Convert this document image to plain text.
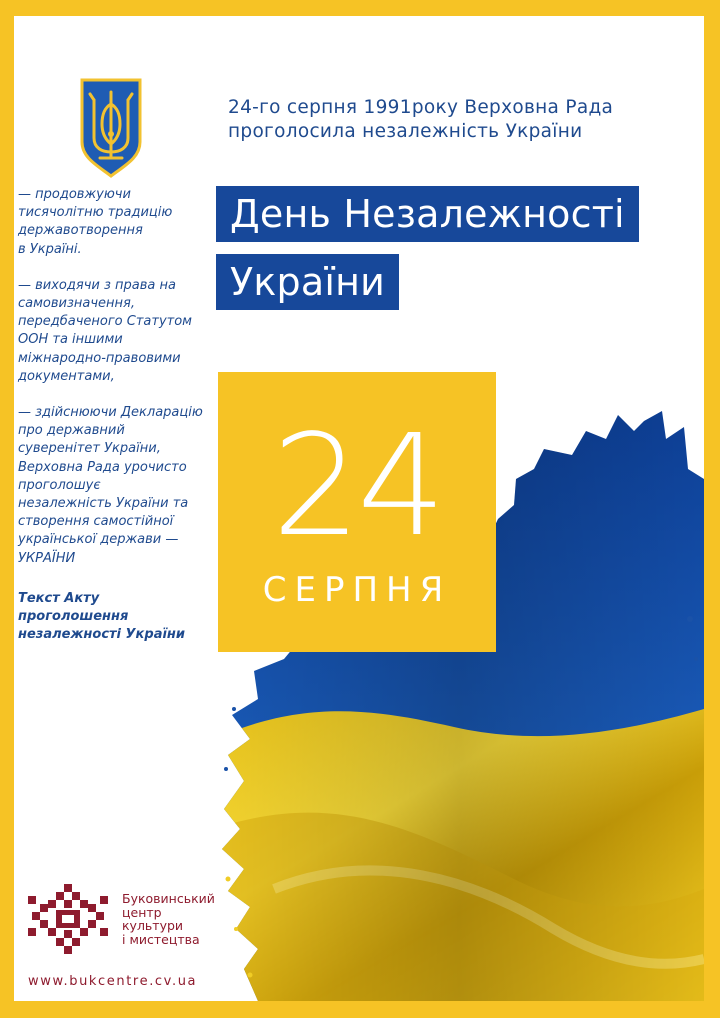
24-го серпня 1991року Верховна Рада
проголосила незалежність України

День Незалежності
України

— продовжуючи
тисячолітню традицію
державотворення
в Україні.

— виходячи з права на
самовизначення,
передбаченого Статутом
ООН та іншими
міжнародно-правовими
документами,

— здійснюючи Декларацію
про державний
суверенітет України,
Верховна Рада урочисто
проголошує
незалежність України та
створення самостійної
української держави —
УКРАЇНИ

Текст Акту
проголошення
незалежності України

24
СЕРПНЯ
Буковинський
центр
культури
і мистецтва
www.bukcentre.cv.ua
